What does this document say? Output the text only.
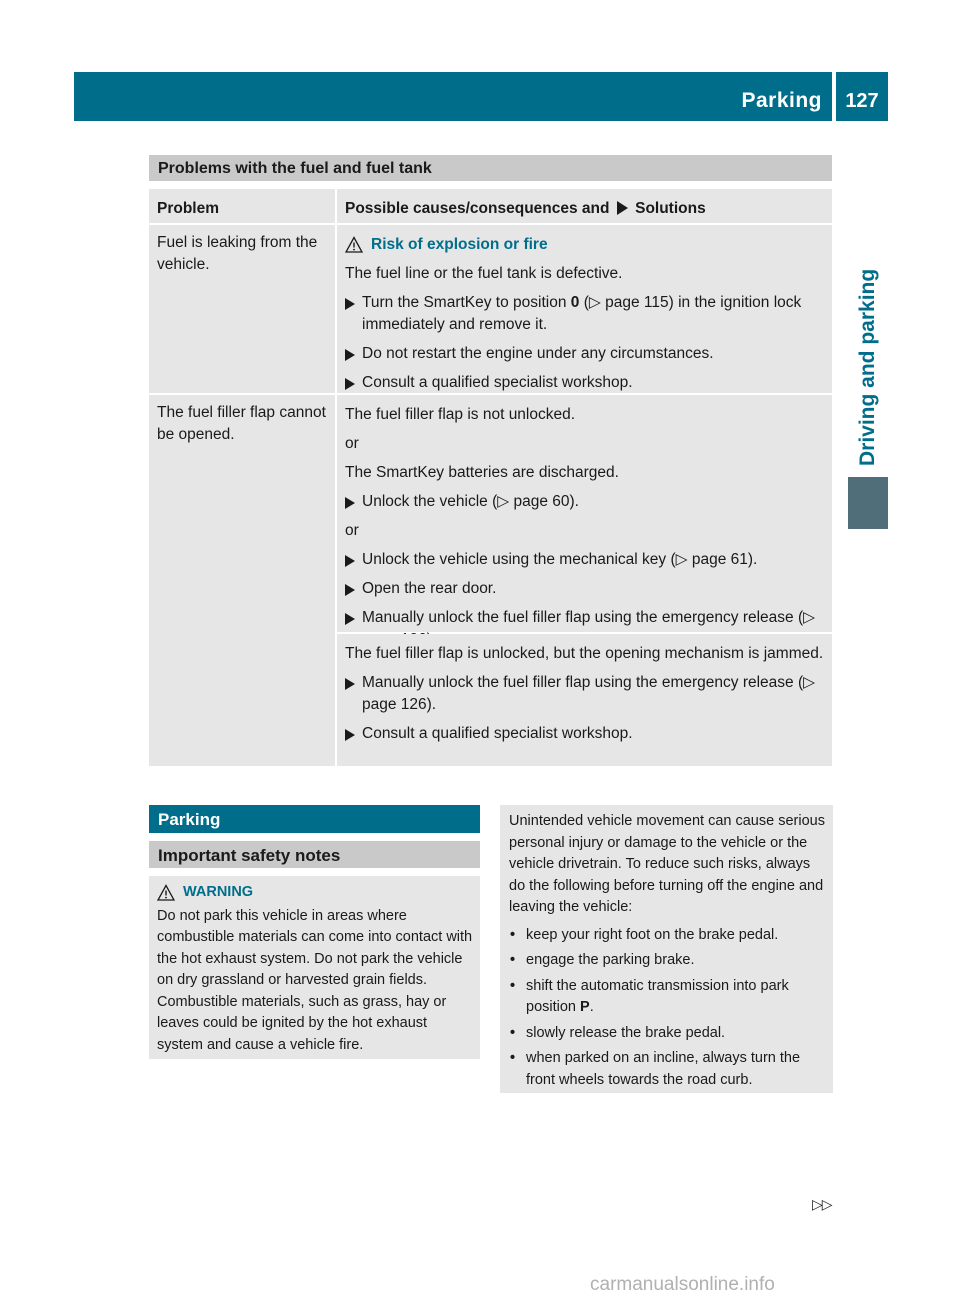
Parking	127
Driving and parking
Problems with the fuel and fuel tank
Problem	Possible causes/consequences and  Solutions
Fuel is leaking from the vehicle.
Risk of explosion or fire

The fuel line or the fuel tank is defective.

Turn the SmartKey to position 0 (▷ page 115) in the ignition lock immediately and remove it.
Do not restart the engine under any circumstances.
Consult a qualified specialist workshop.
The fuel filler flap cannot be opened.

The fuel filler flap is not unlocked.

or

The SmartKey batteries are discharged.

Unlock the vehicle (▷ page 60).

or

Unlock the vehicle using the mechanical key (▷ page 61).
Open the rear door.
Manually unlock the fuel filler flap using the emergency release (▷

The fuel filler flap is unlocked, but the opening mechanism is jammed.

Manually unlock the fuel filler flap using the emergency release (▷ page 126).
Consult a qualified specialist workshop.
Parking
Important safety notes
WARNING
Do not park this vehicle in areas where combustible materials can come into contact with the hot exhaust system. Do not park the vehicle on dry grassland or harvested grain fields. Combustible materials, such as grass, hay or leaves could be ignited by the hot exhaust system and cause a vehicle fire.
Unintended vehicle movement can cause serious personal injury or damage to the vehicle or the vehicle drivetrain. To reduce such risks, always do the following before turning off the engine and leaving the vehicle:
• keep your right foot on the brake pedal.
• engage the parking brake.
• shift the automatic transmission into park position P.
• slowly release the brake pedal.
• when parked on an incline, always turn the front wheels towards the road curb.
▷▷
carmanualsonline.info
